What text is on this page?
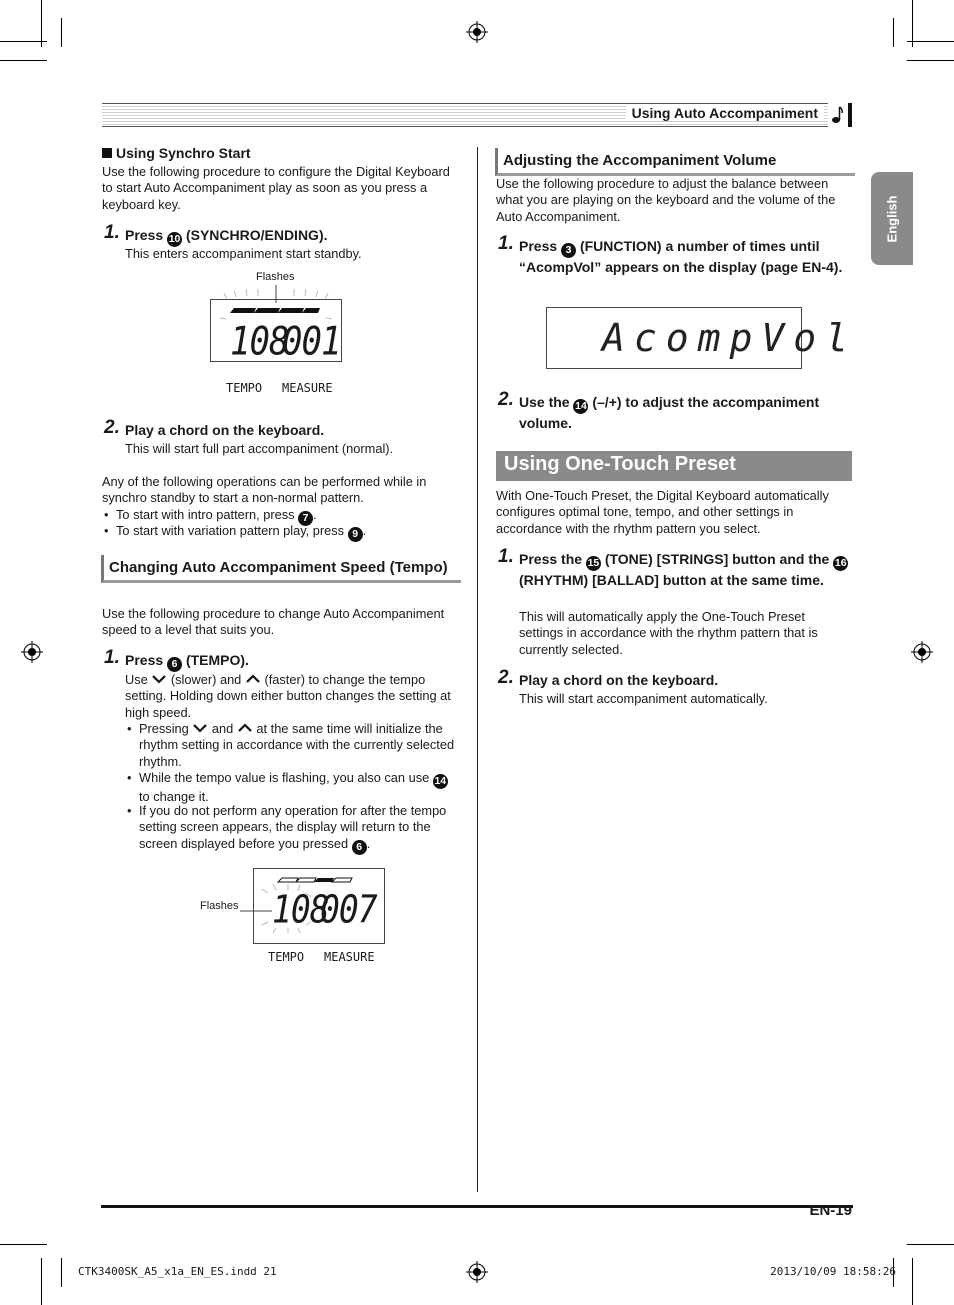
Using Auto Accompaniment
English
Using Synchro Start

Use the following procedure to configure the Digital Keyboard to start Auto Accompaniment play as soon as you press a keyboard key.

1. Press 10 (SYNCHRO/ENDING).
This enters accompaniment start standby.
Flashes
108
001
TEMPO MEASURE
2. Play a chord on the keyboard.
This will start full part accompaniment (normal).

Any of the following operations can be performed while in synchro standby to start a non-normal pattern.

• To start with intro pattern, press 7 .
• To start with variation pattern play, press 9 .
Changing Auto Accompaniment Speed (Tempo)

Use the following procedure to change Auto Accompaniment speed to a level that suits you.

1. Press 6 (TEMPO).

Use (slower) and (faster) to change the tempo setting. Holding down either button changes the setting at high speed.

• Pressing and at the same time will initialize the rhythm setting in accordance with the currently selected rhythm.
• While the tempo value is flashing, you also can use 14 to change it.
• If you do not perform any operation for after the tempo setting screen appears, the display will return to the screen displayed before you pressed 6 .
Flashes 108
007
TEMPO MEASURE
Adjusting the Accompaniment Volume

Use the following procedure to adjust the balance between what you are playing on the keyboard and the volume of the Auto Accompaniment.

1. Press 3 (FUNCTION) a number of times until “AcompVol” appears on the display (page EN-4).
AcompVol
2. Use the 14 (–/+) to adjust the accompaniment volume.
Using One-Touch Preset

With One-Touch Preset, the Digital Keyboard automatically configures optimal tone, tempo, and other settings in accordance with the rhythm pattern you select.

1. Press the 15 (TONE) [STRINGS] button and the 16 (RHYTHM) [BALLAD] button at the same time.
This will automatically apply the One-Touch Preset settings in accordance with the rhythm pattern that is currently selected.
2. Play a chord on the keyboard.
This will start accompaniment automatically.
EN-19
CTK3400SK_A5_x1a_EN_ES.indd 21	2013/10/09 18:58:26
